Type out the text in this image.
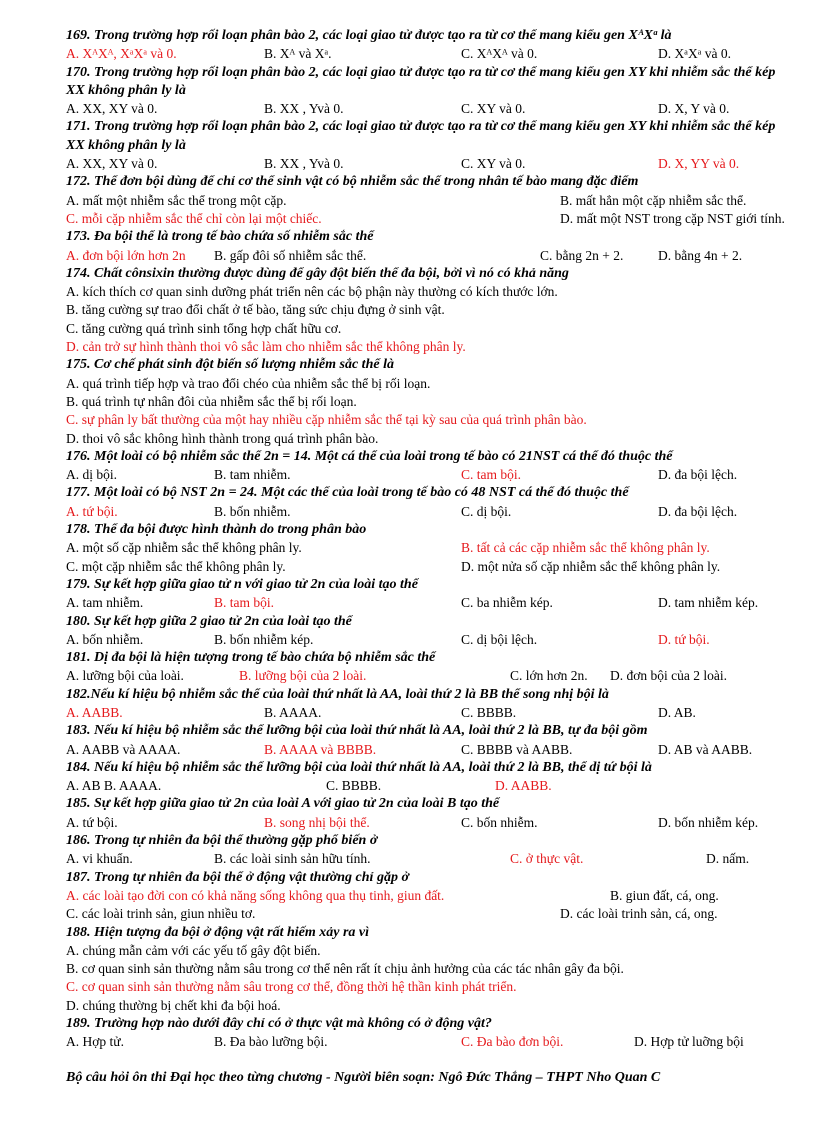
169. Trong trường hợp rối loạn phân bào 2, các loại giao tử được tạo ra từ cơ thể mang kiểu gen XᴬXᵃ là
A. XᴬXᴬ, XᵃXᵃ và 0.	B. Xᴬ và Xᵃ.	C. XᴬXᴬ và 0.	D. XᵃXᵃ và 0.
170. Trong trường hợp rối loạn phân bào 2, các loại giao tử được tạo ra từ cơ thể mang kiểu gen XY khi nhiễm sắc thể kép XX không phân ly là
A. XX, XY và 0.	B. XX , Yvà 0.	C. XY và 0.	D. X, Y và 0.
171. Trong trường hợp rối loạn phân bào 2, các loại giao tử được tạo ra từ cơ thể mang kiểu gen XY khi nhiễm sắc thể kép XX không phân ly là
A. XX, XY và 0.	B. XX , Yvà 0.	C. XY và 0.	D. X, YY và 0.
172. Thể đơn bội dùng để chỉ cơ thể sinh vật có bộ nhiễm sắc thể trong nhân tế bào mang đặc điểm
A. mất một nhiễm sắc thể trong một cặp.	B. mất hẳn một cặp nhiễm sắc thể.
C. mỗi cặp nhiễm sắc thể chỉ còn lại một chiếc.	D. mất một NST trong cặp NST giới tính.
173. Đa bội thể là trong tế bào chứa số nhiễm sắc thể
A. đơn bội lớn hơn 2n B. gấp đôi số nhiễm sắc thể.	C. bằng 2n + 2.	D. bằng 4n + 2.
174. Chất cônsixin thường được dùng để gây đột biến thể đa bội, bởi vì nó có khả năng
A. kích thích cơ quan sinh dưỡng phát triển nên các bộ phận này thường có kích thước lớn.
B. tăng cường sự trao đổi chất ở tế bào, tăng sức chịu đựng ở sinh vật.
C. tăng cường quá trình sinh tổng hợp chất hữu cơ.
D. cản trở sự hình thành thoi vô sắc làm cho nhiễm sắc thể không phân ly.
175. Cơ chế phát sinh đột biến số lượng nhiễm sắc thể là
A. quá trình tiếp hợp và trao đổi chéo của nhiễm sắc thể bị rối loạn.
B. quá trình tự nhân đôi của nhiễm sắc thể bị rối loạn.
C. sự phân ly bất thường của một hay nhiều cặp nhiễm sắc thể tại kỳ sau của quá trình phân bào.
D. thoi vô sắc không hình thành trong quá trình phân bào.
176. Một loài có bộ nhiễm sắc thể 2n = 14. Một cá thể của loài trong tế bào có 21NST cá thể đó thuộc thể
A. dị bội.	B. tam nhiễm.	C. tam bội.	D. đa bội lệch.
177. Một loài có bộ NST 2n = 24. Một các thể của loài trong tế bào có 48 NST cá thể đó thuộc thể
A. tứ bội.	B. bốn nhiễm.	C. dị bội.	D. đa bội lệch.
178. Thể đa bội được hình thành do trong phân bào
A. một số cặp nhiễm sắc thể không phân ly.	B. tất cả các cặp nhiễm sắc thể không phân ly.
C. một cặp nhiễm sắc thể không phân ly.	D. một nửa số cặp nhiễm sắc thể không phân ly.
179. Sự kết hợp giữa giao tử n với giao tử 2n của loài tạo thể
A. tam nhiễm.	B. tam bội.	C. ba nhiễm kép.	D. tam nhiễm kép.
180. Sự kết hợp giữa 2 giao tử 2n của loài tạo thể
A. bốn nhiễm.	B. bốn nhiễm kép.	C. dị bội lệch.	D. tứ bội.
181. Dị đa bội là hiện tượng trong tế bào chứa bộ nhiễm sắc thể
A. lưỡng bội của loài.	B. lưỡng bội của 2 loài.	C. lớn hơn 2n. D. đơn bội của 2 loài.
182.Nếu kí hiệu bộ nhiễm sắc thể của loài thứ nhất là AA, loài thứ 2 là BB thể song nhị bội là
A. AABB.	B. AAAA.	C. BBBB.	D. AB.
183. Nếu kí hiệu bộ nhiễm sắc thể lưỡng bội của loài thứ nhất là AA, loài thứ 2 là BB, tự đa bội gồm
A. AABB và AAAA.	B. AAAA và BBBB.	C. BBBB và AABB.	D. AB và AABB.
184. Nếu kí hiệu bộ nhiễm sắc thể lưỡng bội của loài thứ nhất là AA, loài thứ 2 là BB, thể dị tứ bội là
A. AB B. AAAA.	C. BBBB.	D. AABB.
185. Sự kết hợp giữa giao tử 2n của loài A với giao tử 2n của loài B tạo thể
A. tứ bội.	B. song nhị bội thể.	C. bốn nhiễm.	D. bốn nhiễm kép.
186. Trong tự nhiên đa bội thể thường gặp phổ biến ở
A. vi khuẩn.	B. các loài sinh sản hữu tính.	C. ở thực vật.	D. nấm.
187. Trong tự nhiên đa bội thể ở động vật thường chỉ gặp ở
A. các loài tạo đời con có khả năng sống không qua thụ tinh, giun đất.	B. giun đất, cá, ong.
C. các loài trinh sản, giun nhiều tơ.	D. các loài trinh sản, cá, ong.
188. Hiện tượng đa bội ở động vật rất hiếm xảy ra vì
A. chúng mẫn cảm với các yếu tố gây đột biến.
B. cơ quan sinh sản thường nằm sâu trong cơ thể nên rất ít chịu ảnh hưởng của các tác nhân gây đa bội.
C. cơ quan sinh sản thường nằm sâu trong cơ thể, đồng thời hệ thần kinh phát triển.
D. chúng thường bị chết khi đa bội hoá.
189. Trường hợp nào dưới đây chỉ có ở thực vật mà không có ở động vật?
A. Hợp tử.	B. Đa bào lưỡng bội.	C. Đa bào đơn bội.	D. Hợp tử luỡng bội
Bộ câu hỏi ôn thi Đại học theo từng chương - Người biên soạn: Ngô Đức Thắng – THPT Nho Quan C
